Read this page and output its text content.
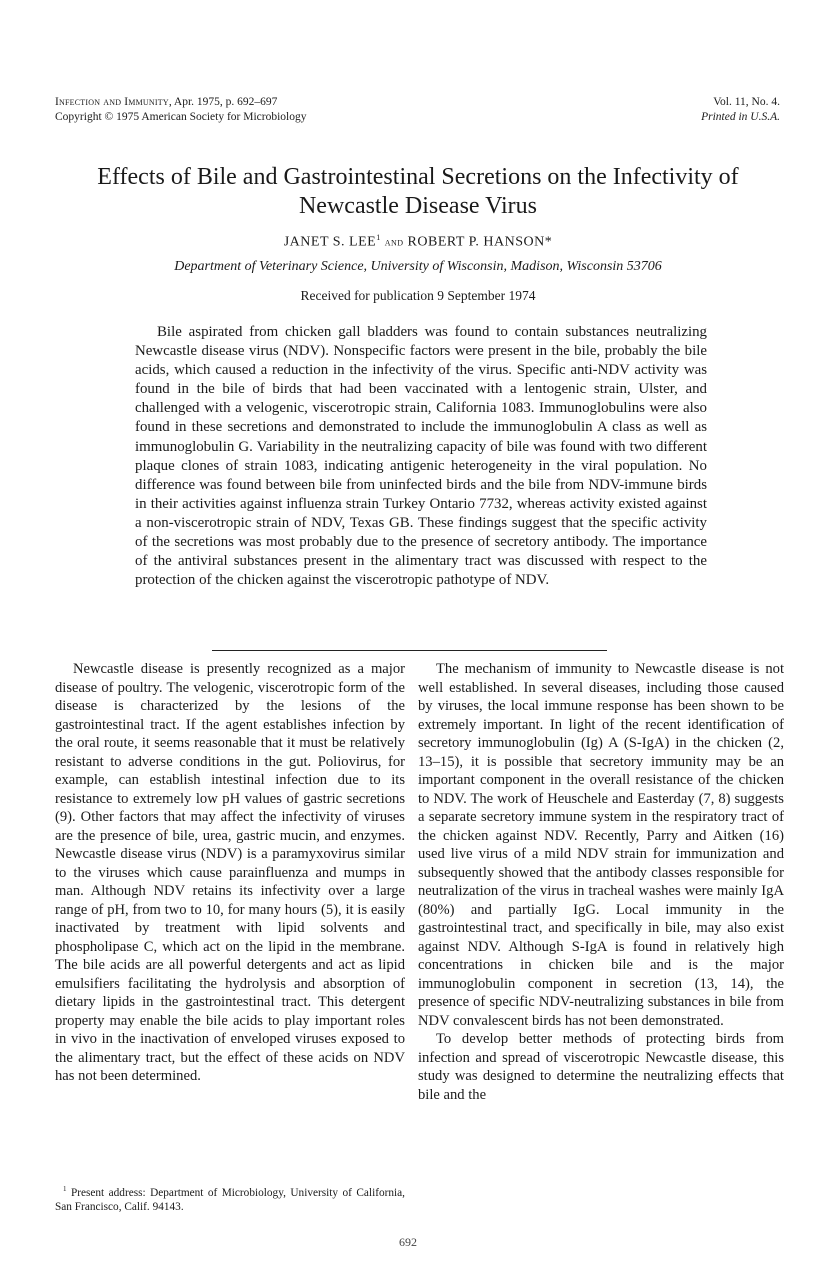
Infection and Immunity, Apr. 1975, p. 692–697
Copyright © 1975 American Society for Microbiology
Vol. 11, No. 4.
Printed in U.S.A.
Effects of Bile and Gastrointestinal Secretions on the Infectivity of Newcastle Disease Virus
JANET S. LEE$^1$ and ROBERT P. HANSON*
Department of Veterinary Science, University of Wisconsin, Madison, Wisconsin 53706
Received for publication 9 September 1974

Bile aspirated from chicken gall bladders was found to contain substances neutralizing Newcastle disease virus (NDV). Nonspecific factors were present in the bile, probably the bile acids, which caused a reduction in the infectivity of the virus. Specific anti-NDV activity was found in the bile of birds that had been vaccinated with a lentogenic strain, Ulster, and challenged with a velogenic, viscerotropic strain, California 1083. Immunoglobulins were also found in these secretions and demonstrated to include the immunoglobulin A class as well as immunoglobulin G. Variability in the neutralizing capacity of bile was found with two different plaque clones of strain 1083, indicating antigenic heterogeneity in the viral population. No difference was found between bile from uninfected birds and the bile from NDV-immune birds in their activities against influenza strain Turkey Ontario 7732, whereas activity existed against a non-viscerotropic strain of NDV, Texas GB. These findings suggest that the specific activity of the secretions was most probably due to the presence of secretory antibody. The importance of the antiviral substances present in the alimentary tract was discussed with respect to the protection of the chicken against the viscerotropic pathotype of NDV.

Newcastle disease is presently recognized as a major disease of poultry. The velogenic, viscerotropic form of the disease is characterized by the lesions of the gastrointestinal tract. If the agent establishes infection by the oral route, it seems reasonable that it must be relatively resistant to adverse conditions in the gut. Poliovirus, for example, can establish intestinal infection due to its resistance to extremely low pH values of gastric secretions (9). Other factors that may affect the infectivity of viruses are the presence of bile, urea, gastric mucin, and enzymes. Newcastle disease virus (NDV) is a paramyxovirus similar to the viruses which cause parainfluenza and mumps in man. Although NDV retains its infectivity over a large range of pH, from two to 10, for many hours (5), it is easily inactivated by treatment with lipid solvents and phospholipase C, which act on the lipid in the membrane. The bile acids are all powerful detergents and act as lipid emulsifiers facilitating the hydrolysis and absorption of dietary lipids in the gastrointestinal tract. This detergent property may enable the bile acids to play important roles in vivo in the inactivation of enveloped viruses exposed to the alimentary tract, but the effect of these acids on NDV has not been determined.

$^1$ Present address: Department of Microbiology, University of California, San Francisco, Calif. 94143.

The mechanism of immunity to Newcastle disease is not well established. In several diseases, including those caused by viruses, the local immune response has been shown to be extremely important. In light of the recent identification of secretory immunoglobulin (Ig) A (S-IgA) in the chicken (2, 13–15), it is possible that secretory immunity may be an important component in the overall resistance of the chicken to NDV. The work of Heuschele and Easterday (7, 8) suggests a separate secretory immune system in the respiratory tract of the chicken against NDV. Recently, Parry and Aitken (16) used live virus of a mild NDV strain for immunization and subsequently showed that the antibody classes responsible for neutralization of the virus in tracheal washes were mainly IgA (80%) and partially IgG. Local immunity in the gastrointestinal tract, and specifically in bile, may also exist against NDV. Although S-IgA is found in relatively high concentrations in chicken bile and is the major immunoglobulin component in secretion (13, 14), the presence of specific NDV-neutralizing substances in bile from NDV convalescent birds has not been demonstrated.

To develop better methods of protecting birds from infection and spread of viscerotropic Newcastle disease, this study was designed to determine the neutralizing effects that bile and the

692
